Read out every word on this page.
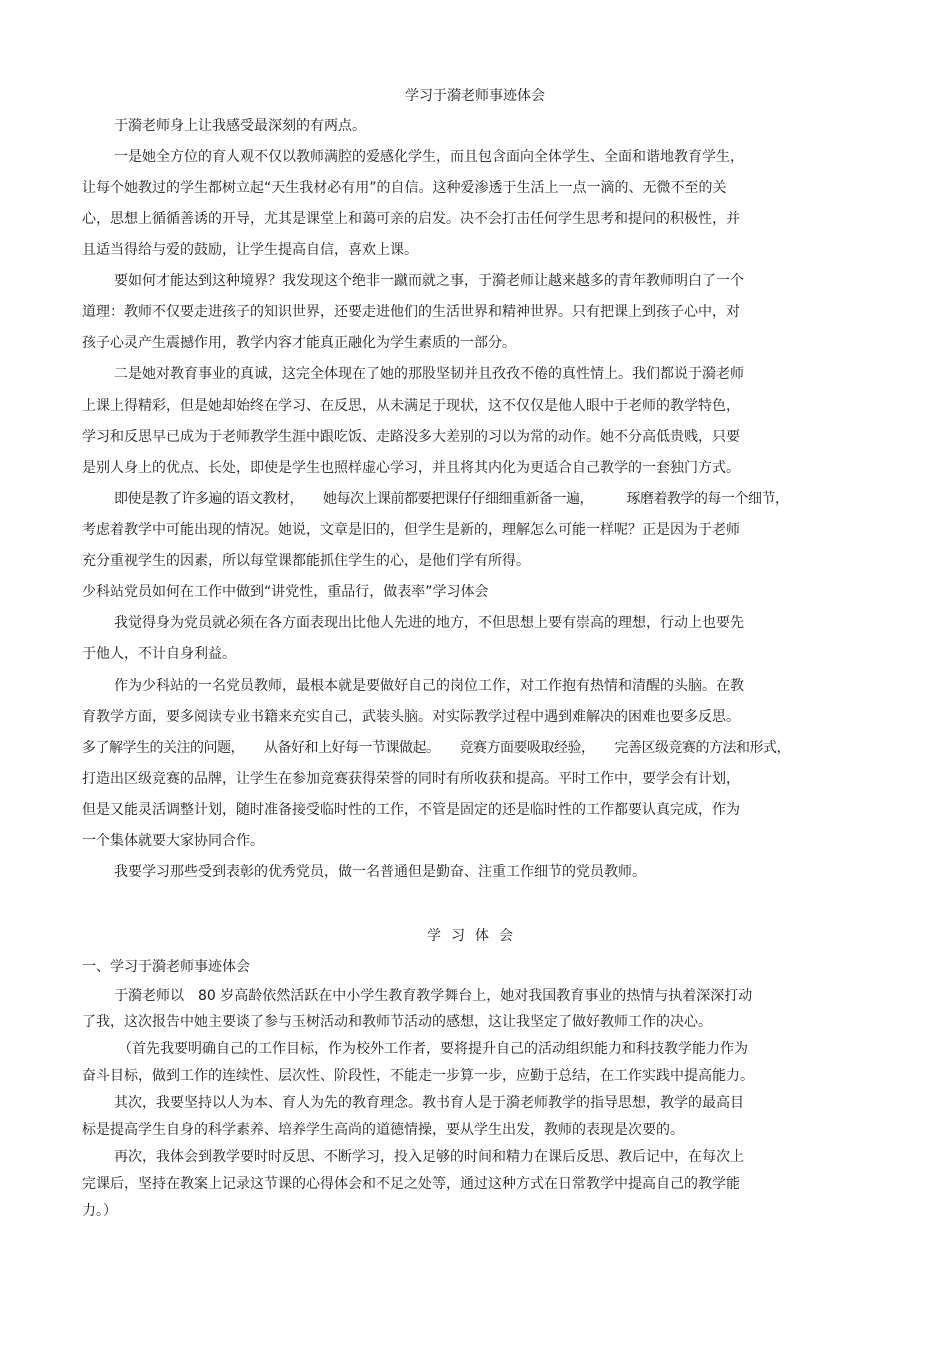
学习于漪老师事迹体会
于漪老师身上让我感受最深刻的有两点。
一是她全方位的育人观不仅以教师满腔的爱感化学生，而且包含面向全体学生、全面和谐地教育学生，
让每个她教过的学生都树立起“天生我材必有用”的自信。这种爱渗透于生活上一点一滴的、无微不至的关
心，思想上循循善诱的开导，尤其是课堂上和蔼可亲的启发。决不会打击任何学生思考和提问的积极性，并
且适当得给与爱的鼓励，让学生提高自信，喜欢上课。
要如何才能达到这种境界？我发现这个绝非一蹴而就之事，于漪老师让越来越多的青年教师明白了一个
道理：教师不仅要走进孩子的知识世界，还要走进他们的生活世界和精神世界。只有把课上到孩子心中，对
孩子心灵产生震撼作用，教学内容才能真正融化为学生素质的一部分。
二是她对教育事业的真诚，这完全体现在了她的那股坚韧并且孜孜不倦的真性情上。我们都说于漪老师
上课上得精彩，但是她却始终在学习、在反思，从未满足于现状，这不仅仅是他人眼中于老师的教学特色，
学习和反思早已成为于老师教学生涯中跟吃饭、走路没多大差别的习以为常的动作。她不分高低贵贱，只要
是别人身上的优点、长处，即使是学生也照样虚心学习，并且将其内化为更适合自己教学的一套独门方式。
即使是教了许多遍的语文教材，　　她每次上课前都要把课仔仔细细重新备一遍，　　　琢磨着教学的每一个细节，
考虑着教学中可能出现的情况。她说，文章是旧的，但学生是新的，理解怎么可能一样呢？正是因为于老师
充分重视学生的因素，所以每堂课都能抓住学生的心，是他们学有所得。
少科站党员如何在工作中做到“讲党性，重品行，做表率”学习体会
我觉得身为党员就必须在各方面表现出比他人先进的地方，不但思想上要有崇高的理想，行动上也要先
于他人，不计自身利益。
作为少科站的一名党员教师，最根本就是要做好自己的岗位工作，对工作抱有热情和清醒的头脑。在教
育教学方面，要多阅读专业书籍来充实自己，武装头脑。对实际教学过程中遇到难解决的困难也要多反思。
多了解学生的关注的问题，　　从备好和上好每一节课做起。　　竞赛方面要吸取经验，　　完善区级竞赛的方法和形式，
打造出区级竞赛的品牌，让学生在参加竞赛获得荣誉的同时有所收获和提高。平时工作中，要学会有计划，
但是又能灵活调整计划，随时准备接受临时性的工作，不管是固定的还是临时性的工作都要认真完成，作为
一个集体就要大家协同合作。
我要学习那些受到表彰的优秀党员，做一名普通但是勤奋、注重工作细节的党员教师。
学习体会
一、学习于漪老师事迹体会
于漪老师以　80 岁高龄依然活跃在中小学生教育教学舞台上，她对我国教育事业的热情与执着深深打动
了我，这次报告中她主要谈了参与玉树活动和教师节活动的感想，这让我坚定了做好教师工作的决心。
（首先我要明确自己的工作目标，作为校外工作者，要将提升自己的活动组织能力和科技教学能力作为
奋斗目标，做到工作的连续性、层次性、阶段性，不能走一步算一步，应勤于总结，在工作实践中提高能力。
其次，我要坚持以人为本、育人为先的教育理念。教书育人是于漪老师教学的指导思想，教学的最高目
标是提高学生自身的科学素养、培养学生高尚的道德情操，要从学生出发，教师的表现是次要的。
再次，我体会到教学要时时反思、不断学习，投入足够的时间和精力在课后反思、教后记中，在每次上
完课后，坚持在教案上记录这节课的心得体会和不足之处等，通过这种方式在日常教学中提高自己的教学能
力。）
